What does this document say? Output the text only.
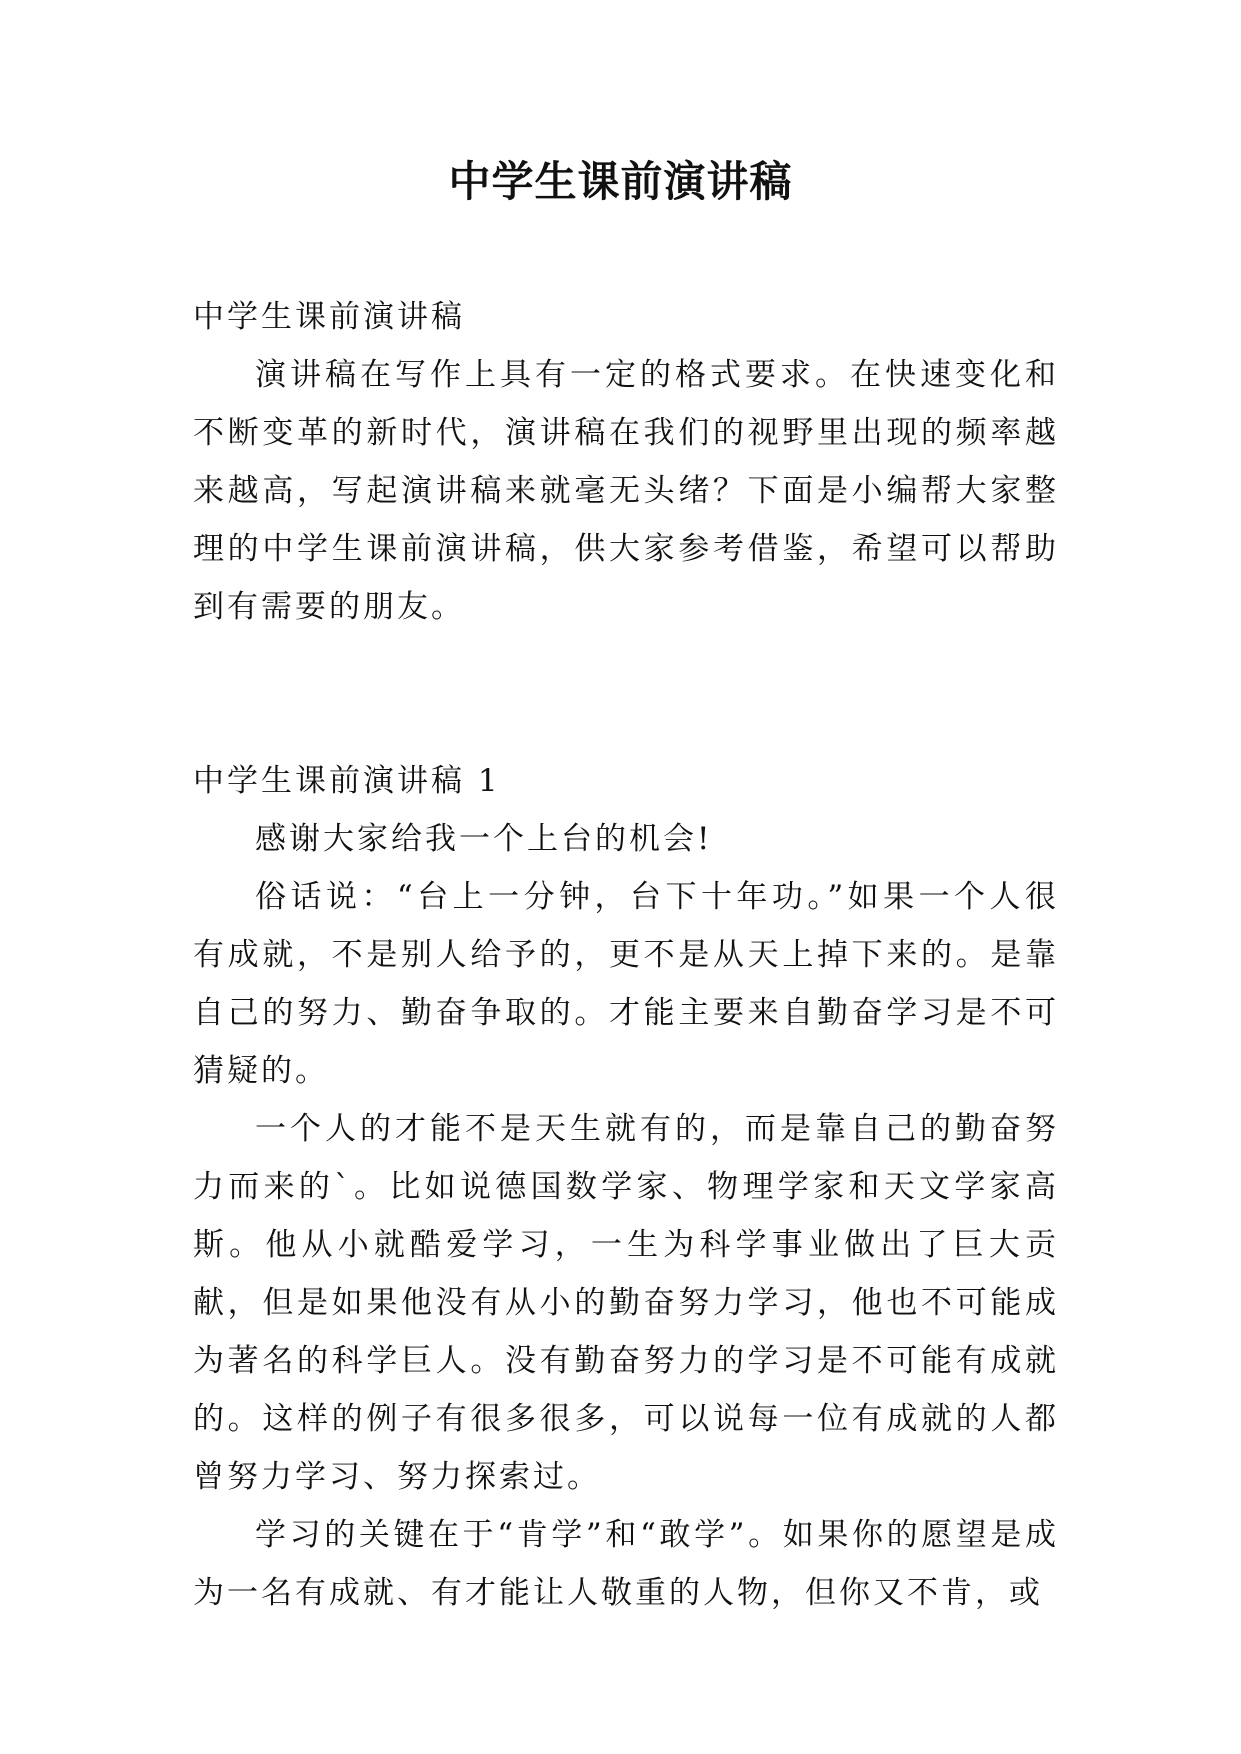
中学生课前演讲稿

中学生课前演讲稿

演讲稿在写作上具有一定的格式要求。在快速变化和不断变革的新时代，演讲稿在我们的视野里出现的频率越来越高，写起演讲稿来就毫无头绪？下面是小编帮大家整理的中学生课前演讲稿，供大家参考借鉴，希望可以帮助到有需要的朋友。

中学生课前演讲稿 1

感谢大家给我一个上台的机会!

俗话说：“台上一分钟，台下十年功。”如果一个人很有成就，不是别人给予的，更不是从天上掉下来的。是靠自己的努力、勤奋争取的。才能主要来自勤奋学习是不可猜疑的。

一个人的才能不是天生就有的，而是靠自己的勤奋努力而来的`。比如说德国数学家、物理学家和天文学家高斯。他从小就酷爱学习，一生为科学事业做出了巨大贡献，但是如果他没有从小的勤奋努力学习，他也不可能成为著名的科学巨人。没有勤奋努力的学习是不可能有成就的。这样的例子有很多很多，可以说每一位有成就的人都曾努力学习、努力探索过。

学习的关键在于“肯学”和“敢学”。如果你的愿望是成为一名有成就、有才能让人敬重的人物，但你又不肯，或
